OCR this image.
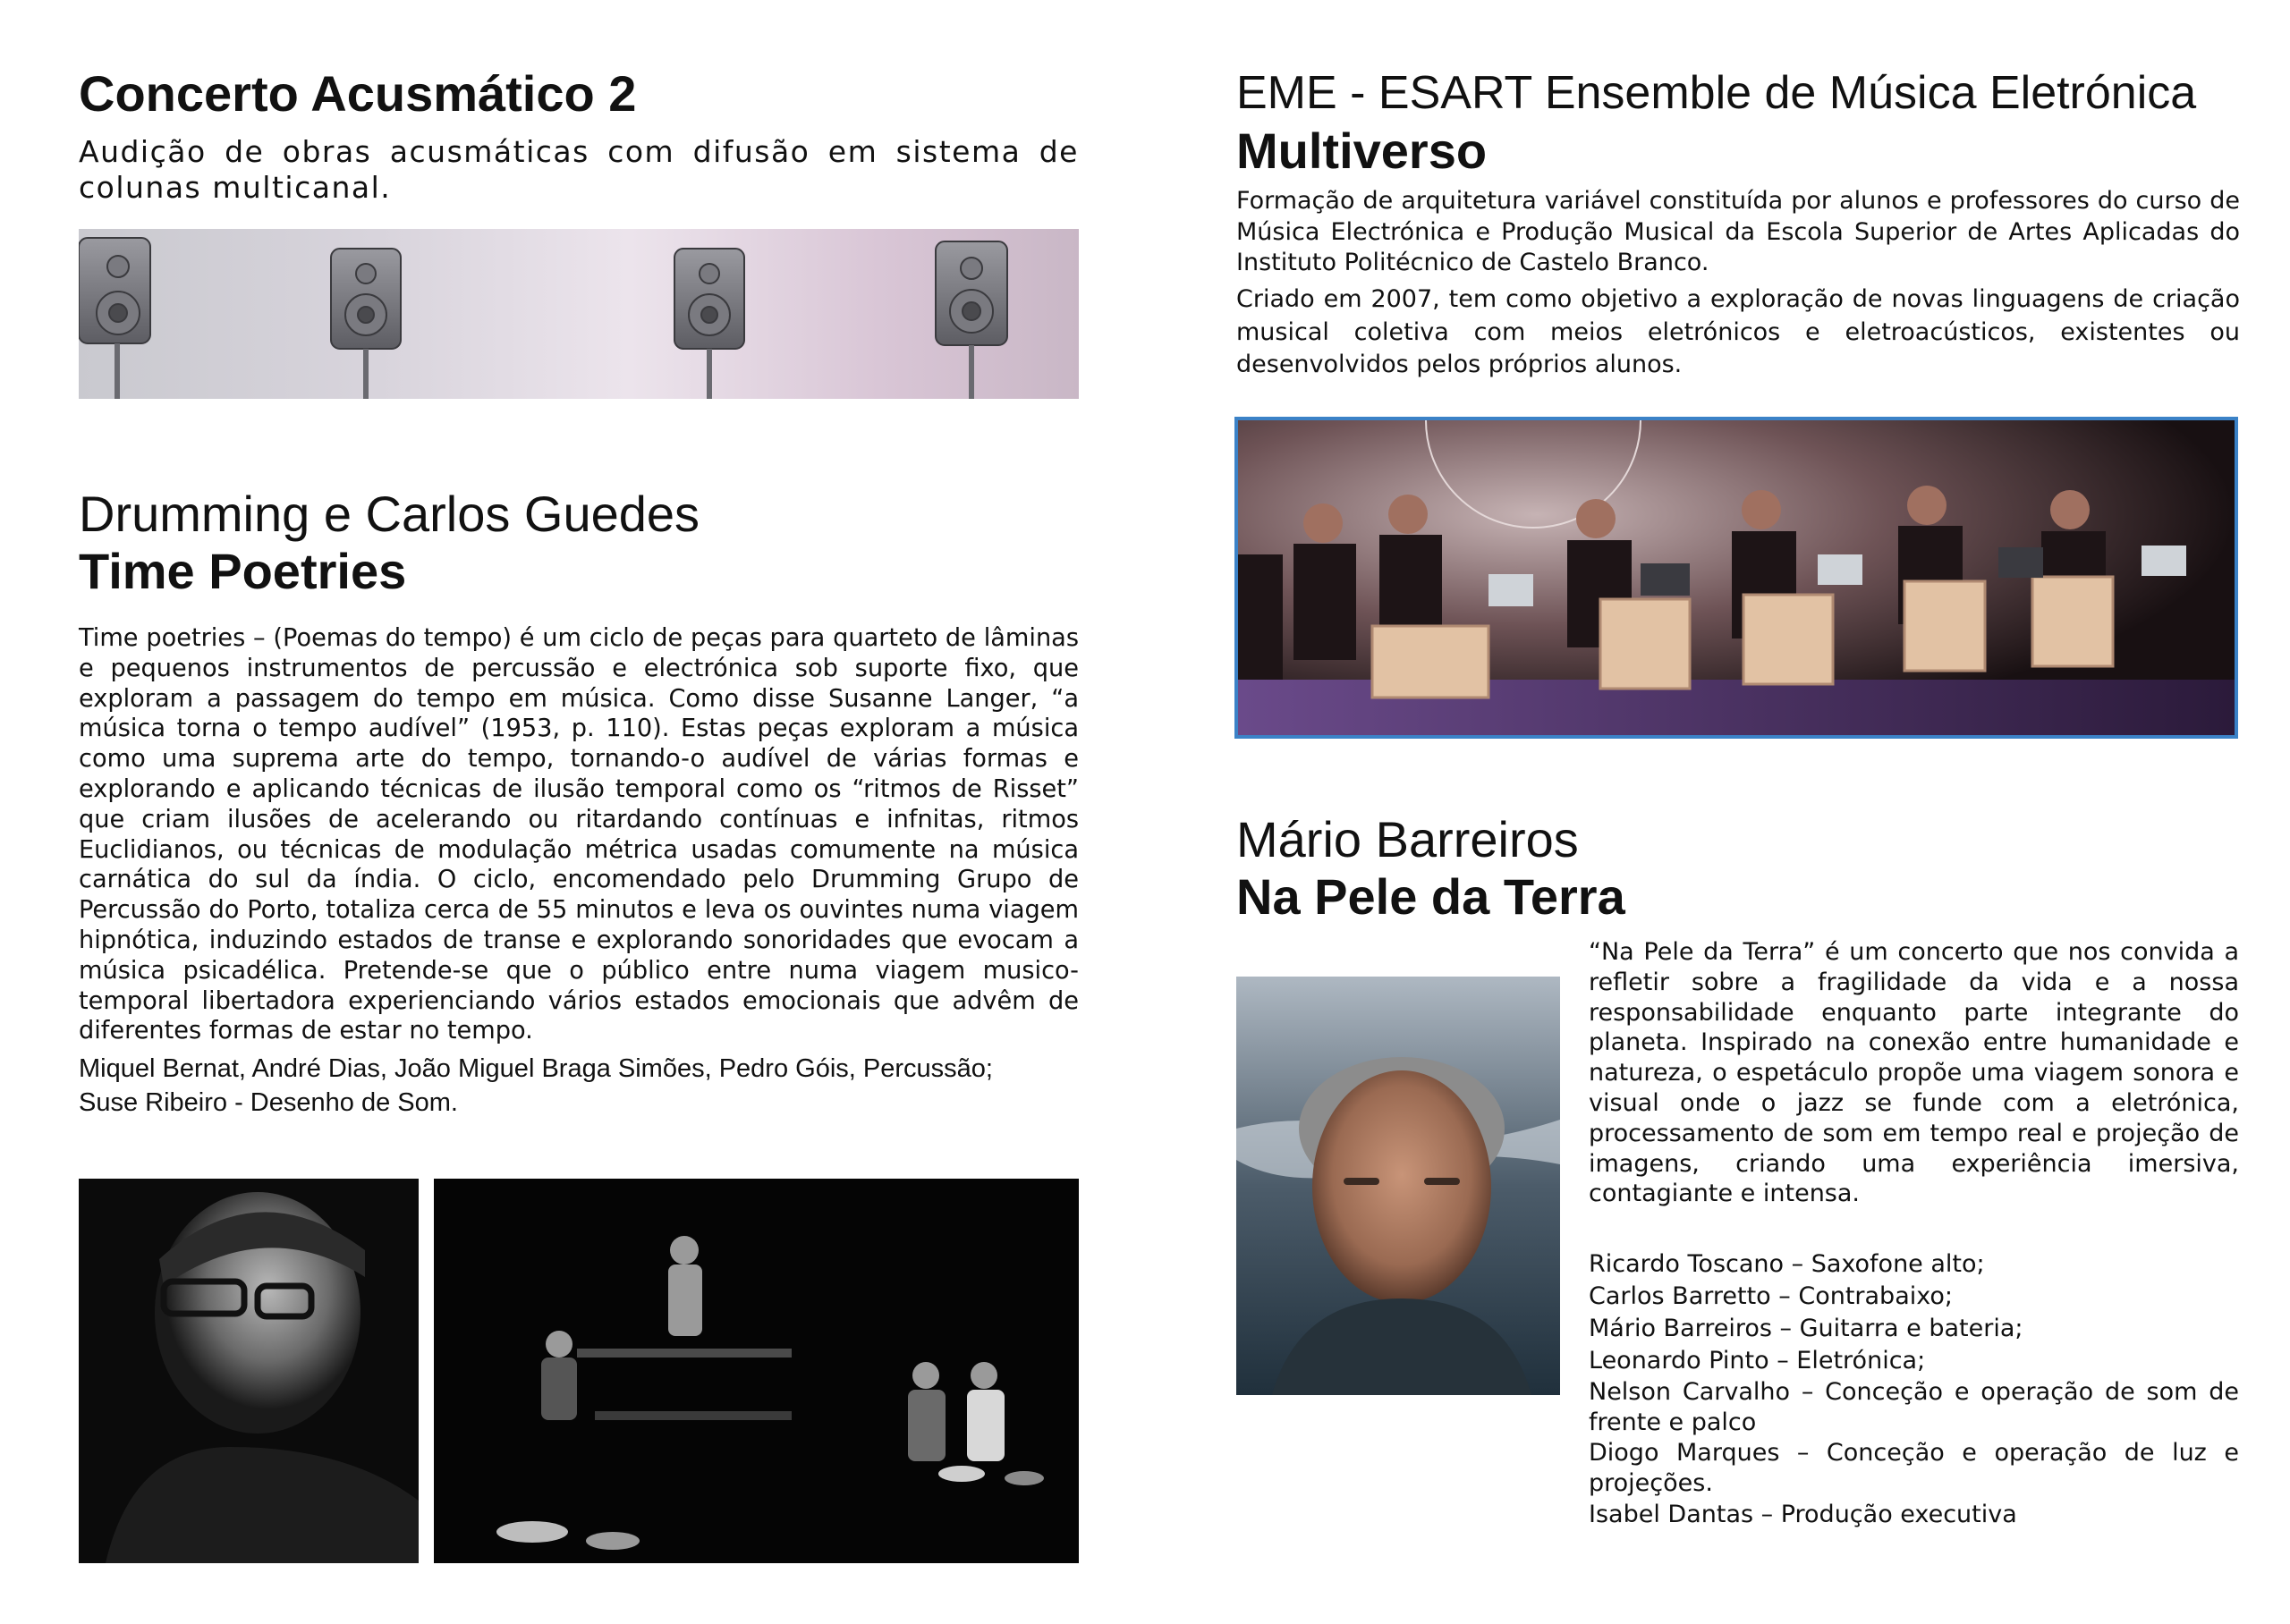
Concerto Acusmático 2

Audição de obras acusmáticas com difusão em sistema de colunas multicanal.

Drumming e Carlos Guedes
Time Poetries

Time poetries – (Poemas do tempo) é um ciclo de peças para quarteto de lâminas e pequenos instrumentos de percussão e electrónica sob suporte fixo, que exploram a passagem do tempo em música. Como disse Susanne Langer, “a música torna o tempo audível” (1953, p. 110). Estas peças exploram a música como uma suprema arte do tempo, tornando-o audível de várias formas e explorando e aplicando técnicas de ilusão temporal como os “ritmos de Risset” que criam ilusões de acelerando ou ritardando contínuas e infnitas, ritmos Euclidianos, ou técnicas de modulação métrica usadas comumente na música carnática do sul da índia. O ciclo, encomendado pelo Drumming Grupo de Percussão do Porto, totaliza cerca de 55 minutos e leva os ouvintes numa viagem hipnótica, induzindo estados de transe e explorando sonoridades que evocam a música psicadélica. Pretende-se que o público entre numa viagem musico-temporal libertadora experienciando vários estados emocionais que advêm de diferentes formas de estar no tempo.

Miquel Bernat, André Dias, João Miguel Braga Simões, Pedro Góis, Percussão;
Suse Ribeiro - Desenho de Som.
EME - ESART Ensemble de Música Eletrónica
Multiverso

Formação de arquitetura variável constituída por alunos e professores do curso de Música Electrónica e Produção Musical da Escola Superior de Artes Aplicadas do Instituto Politécnico de Castelo Branco.

Criado em 2007, tem como objetivo a exploração de novas linguagens de criação musical coletiva com meios eletrónicos e eletroacústicos, existentes ou desenvolvidos pelos próprios alunos.

Mário Barreiros
Na Pele da Terra

“Na Pele da Terra” é um concerto que nos convida a refletir sobre a fragilidade da vida e a nossa responsabilidade enquanto parte integrante do planeta. Inspirado na conexão entre humanidade e natureza, o espetáculo propõe uma viagem sonora e visual onde o jazz se funde com a eletrónica, processamento de som em tempo real e projeção de imagens, criando uma experiência imersiva, contagiante e intensa.

Ricardo Toscano – Saxofone alto;

Carlos Barretto – Contrabaixo;

Mário Barreiros – Guitarra e bateria;

Leonardo Pinto – Eletrónica;

Nelson Carvalho – Conceção e operação de som de frente e palco

Diogo Marques – Conceção e operação de luz e projeções.

Isabel Dantas – Produção executiva
